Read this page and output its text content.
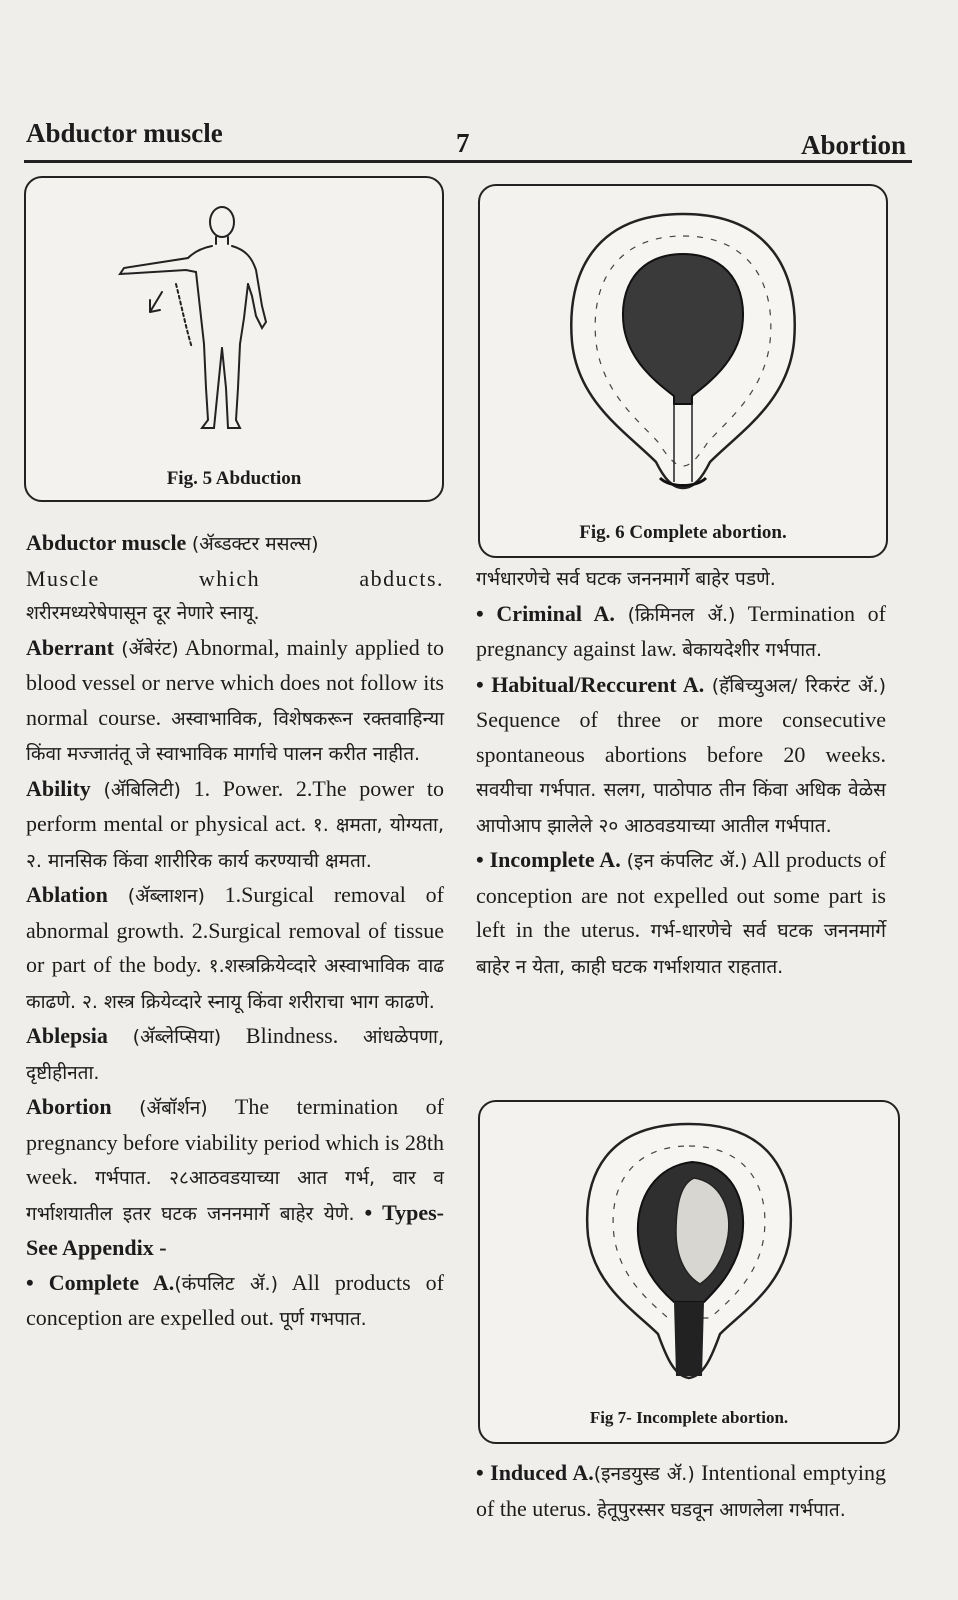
Abductor muscle	7	Abortion
Fig. 5 Abduction
Fig. 6 Complete abortion.
Fig 7- Incomplete abortion.

Abductor muscle (ॲब्डक्टर मसल्स)

Muscle	which	abducts.

शरीरमध्यरेषेपासून दूर नेणारे स्नायू.

Aberrant (ॲबेरंट) Abnormal, mainly applied to blood vessel or nerve which does not follow its normal course. अस्वाभाविक, विशेषकरून रक्तवाहिन्या किंवा मज्जातंतू जे स्वाभाविक मार्गाचे पालन करीत नाहीत.

Ability (ॲबिलिटी) 1. Power. 2.The power to perform mental or physical act. १. क्षमता, योग्यता, २. मानसिक किंवा शारीरिक कार्य करण्याची क्षमता.

Ablation (ॲब्लाशन) 1.Surgical removal of abnormal growth. 2.Surgical removal of tissue or part of the body. १.शस्त्रक्रियेव्दारे अस्वाभाविक वाढ काढणे. २. शस्त्र क्रियेव्दारे स्नायू किंवा शरीराचा भाग काढणे.

Ablepsia (ॲब्लेप्सिया) Blindness. आंधळेपणा, दृष्टीहीनता.

Abortion (ॲबॉर्शन) The termination of pregnancy before viability period which is 28th week. गर्भपात. २८आठवडयाच्या आत गर्भ, वार व गर्भाशयातील इतर घटक जननमार्गे बाहेर येणे. • Types- See Appendix -

• Complete A.(कंपलिट ॲ.) All products of conception are expelled out. पूर्ण गभपात.

गर्भधारणेचे सर्व घटक जननमार्गे बाहेर पडणे.

• Criminal A. (क्रिमिनल ॲ.) Termination of pregnancy against law. बेकायदेशीर गर्भपात.

• Habitual/Reccurent A. (हॅबिच्युअल/ रिकरंट ॲ.) Sequence of three or more consecutive spontaneous abortions before 20 weeks. सवयीचा गर्भपात. सलग, पाठोपाठ तीन किंवा अधिक वेळेस आपोआप झालेले २० आठवडयाच्या आतील गर्भपात.

• Incomplete A. (इन कंपलिट ॲ.) All products of conception are not expelled out some part is left in the uterus. गर्भ-धारणेचे सर्व घटक जननमार्गे बाहेर न येता, काही घटक गर्भाशयात राहतात.

• Induced A.(इनडयुस्ड ॲ.) Intentional emptying of the uterus. हेतूपुरस्सर घडवून आणलेला गर्भपात.
